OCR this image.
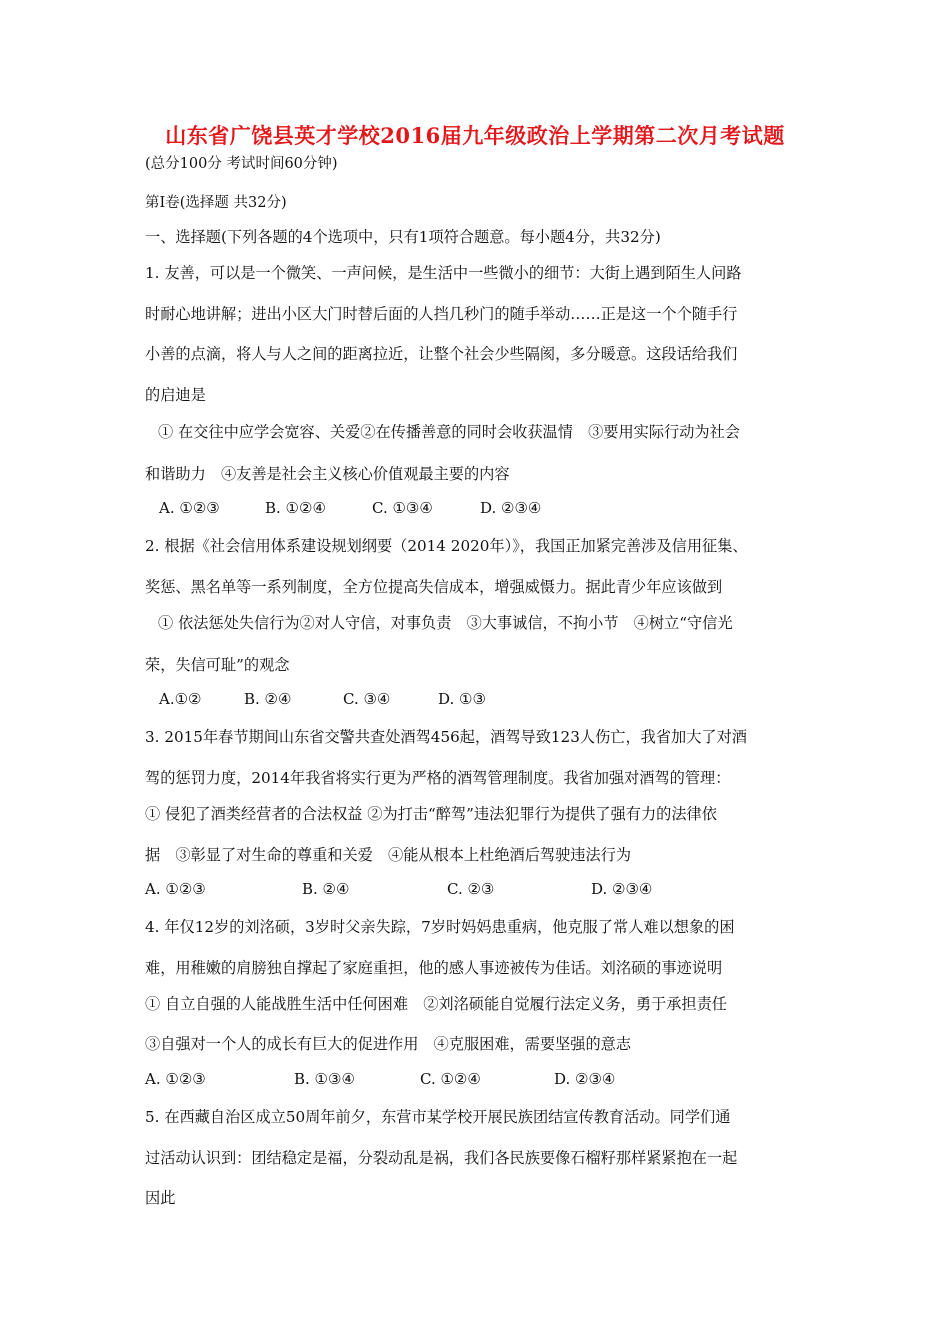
山东省广饶县英才学校2016届九年级政治上学期第二次月考试题
(总分100分 考试时间60分钟)
第Ⅰ卷(选择题 共32分)
一、选择题(下列各题的4个选项中，只有1项符合题意。每小题4分，共32分)
1. 友善，可以是一个微笑、一声问候，是生活中一些微小的细节：大街上遇到陌生人问路
时耐心地讲解；进出小区大门时替后面的人挡几秒门的随手举动……正是这一个个随手行
小善的点滴，将人与人之间的距离拉近，让整个社会少些隔阂，多分暖意。这段话给我们
的启迪是
① 在交往中应学会宽容、关爱②在传播善意的同时会收获温情　③要用实际行动为社会
和谐助力　④友善是社会主义核心价值观最主要的内容
A. ①②③	B. ①②④	C. ①③④	D. ②③④
2. 根据《社会信用体系建设规划纲要（2014 2020年）》，我国正加紧完善涉及信用征集、
奖惩、黑名单等一系列制度，全方位提高失信成本，增强威慑力。据此青少年应该做到
① 依法惩处失信行为②对人守信，对事负责　③大事诚信，不拘小节　④树立“守信光
荣，失信可耻”的观念
A.①②	B. ②④	C. ③④	D. ①③
3. 2015年春节期间山东省交警共查处酒驾456起，酒驾导致123人伤亡，我省加大了对酒
驾的惩罚力度，2014年我省将实行更为严格的酒驾管理制度。我省加强对酒驾的管理：
① 侵犯了酒类经营者的合法权益 ②为打击“醉驾”违法犯罪行为提供了强有力的法律依
据　③彰显了对生命的尊重和关爱　④能从根本上杜绝酒后驾驶违法行为
A. ①②③	B. ②④	C. ②③	D. ②③④
4. 年仅12岁的刘洺硕，3岁时父亲失踪，7岁时妈妈患重病，他克服了常人难以想象的困
难，用稚嫩的肩膀独自撑起了家庭重担，他的感人事迹被传为佳话。刘洺硕的事迹说明
① 自立自强的人能战胜生活中任何困难　②刘洺硕能自觉履行法定义务，勇于承担责任
③自强对一个人的成长有巨大的促进作用　④克服困难，需要坚强的意志
A. ①②③	B. ①③④	C. ①②④	D. ②③④
5. 在西藏自治区成立50周年前夕，东营市某学校开展民族团结宣传教育活动。同学们通
过活动认识到：团结稳定是福，分裂动乱是祸，我们各民族要像石榴籽那样紧紧抱在一起
因此
